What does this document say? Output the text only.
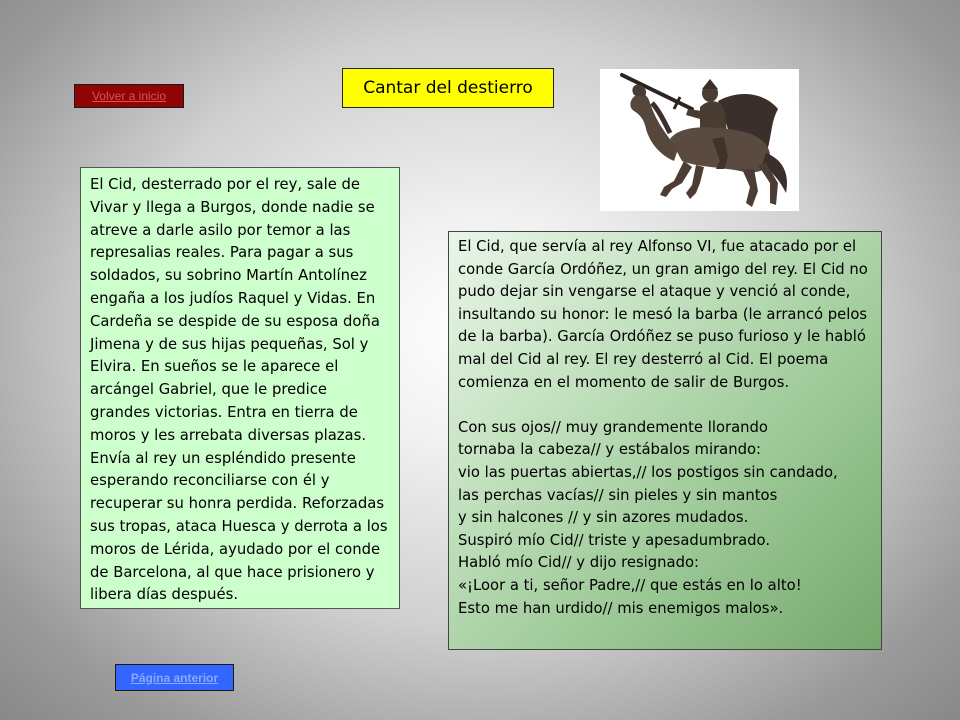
Volver a inicio	Cantar del destierro
El Cid, desterrado por el rey, sale de Vivar y llega a Burgos, donde nadie se atreve a darle asilo por temor a las represalias reales. Para pagar a sus soldados, su sobrino Martín Antolínez engaña a los judíos Raquel y Vidas. En Cardeña se despide de su esposa doña Jimena y de sus hijas pequeñas, Sol y Elvira. En sueños se le aparece el arcángel Gabriel, que le predice grandes victorias. Entra en tierra de moros y les arrebata diversas plazas. Envía al rey un espléndido presente esperando reconciliarse con él y recuperar su honra perdida. Reforzadas sus tropas, ataca Huesca y derrota a los moros de Lérida, ayudado por el conde de Barcelona, al que hace prisionero y libera días después.

El Cid, que servía al rey Alfonso VI, fue atacado por el conde García Ordóñez, un gran amigo del rey. El Cid no pudo dejar sin vengarse el ataque y venció al conde, insultando su honor: le mesó la barba (le arrancó pelos de la barba). García Ordóñez se puso furioso y le habló mal del Cid al rey. El rey desterró al Cid. El poema comienza en el momento de salir de Burgos.

Con sus ojos// muy grandemente llorando
tornaba la cabeza// y estábalos mirando:
vio las puertas abiertas,// los postigos sin candado,
las perchas vacías// sin pieles y sin mantos
y sin halcones // y sin azores mudados.
Suspiró mío Cid// triste y apesadumbrado.
Habló mío Cid// y dijo resignado:
«¡Loor a ti, señor Padre,// que estás en lo alto!
Esto me han urdido// mis enemigos malos».
Página anterior
